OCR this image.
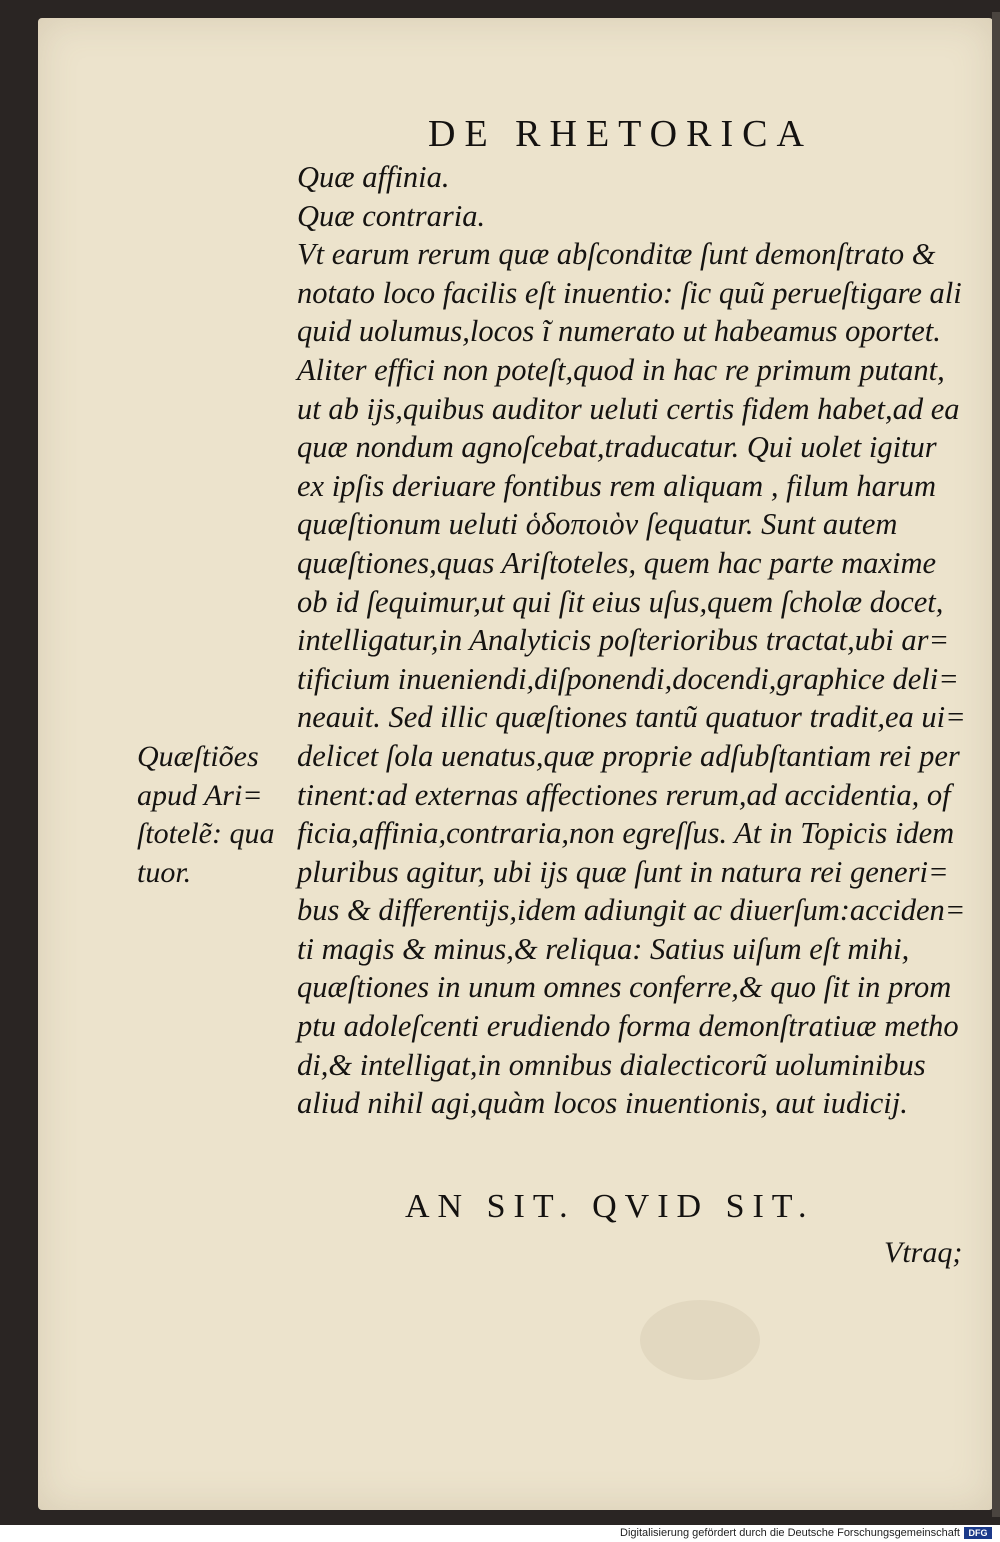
DE RHETORICA
Quæ affinia.
Quæ contraria.
Vt earum rerum quæ abſconditæ ſunt demonſtrato &
notato loco facilis eſt inuentio: ſic quũ perueſtigare ali
quid uolumus,locos ĩ numerato ut habeamus oportet.
Aliter effici non poteſt,quod in hac re primum putant,
ut ab ijs,quibus auditor ueluti certis fidem habet,ad ea
quæ nondum agnoſcebat,traducatur. Qui uolet igitur
ex ipſis deriuare fontibus rem aliquam , filum harum
quæſtionum ueluti ὁδοποιὸν ſequatur. Sunt autem
quæſtiones,quas Ariſtoteles, quem hac parte maxime
ob id ſequimur,ut qui ſit eius uſus,quem ſcholæ docet,
intelligatur,in Analyticis poſterioribus tractat,ubi ar=
tificium inueniendi,diſponendi,docendi,graphice deli=
neauit. Sed illic quæſtiones tantũ quatuor tradit,ea ui=
delicet ſola uenatus,quæ proprie adſubſtantiam rei per
tinent:ad externas affectiones rerum,ad accidentia, of
ficia,affinia,contraria,non egreſſus. At in Topicis idem
pluribus agitur, ubi ijs quæ ſunt in natura rei generi=
bus & differentijs,idem adiungit ac diuerſum:acciden=
ti magis & minus,& reliqua: Satius uiſum eſt mihi,
quæſtiones in unum omnes conferre,& quo ſit in prom
ptu adoleſcenti erudiendo forma demonſtratiuæ metho
di,& intelligat,in omnibus dialecticorũ uoluminibus
aliud nihil agi,quàm locos inuentionis, aut iudicij.
Quæſtiões
apud Ari=
ſtotelẽ: qua
tuor.
AN SIT. QVID SIT.
Vtraq;
Digitalisierung gefördert durch die Deutsche Forschungsgemeinschaft DFG
